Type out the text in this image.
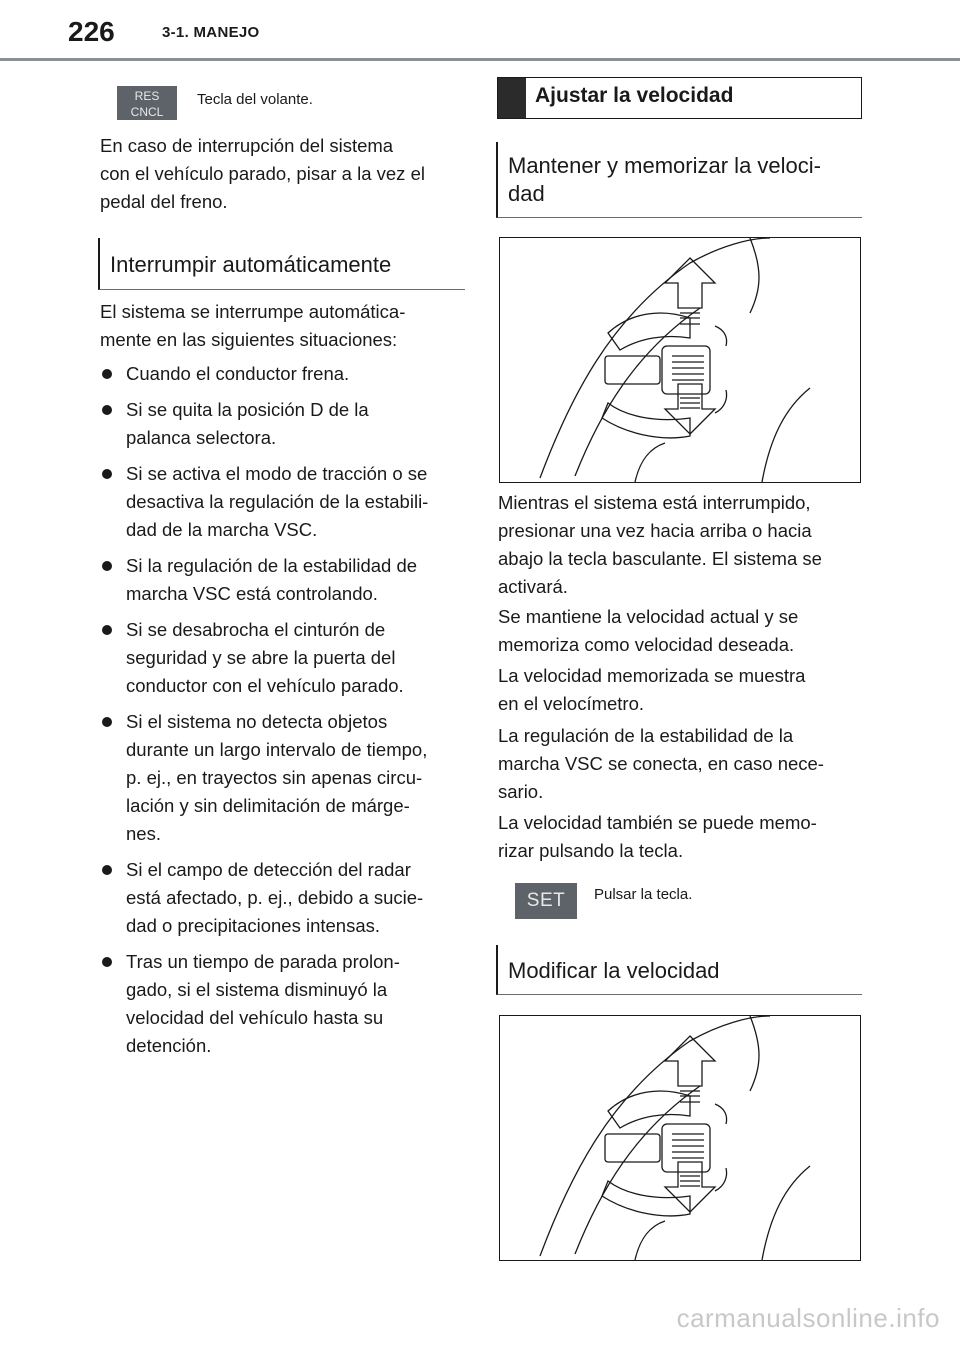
226	3-1. MANEJO
RES
CNCL
Tecla del volante.
En caso de interrupción del sistema
con el vehículo parado, pisar a la vez el
pedal del freno.
Interrumpir automáticamente
El sistema se interrumpe automática-
mente en las siguientes situaciones:
Cuando el conductor frena.
Si se quita la posición D de la
palanca selectora.
Si se activa el modo de tracción o se
desactiva la regulación de la estabili-
dad de la marcha VSC.
Si la regulación de la estabilidad de
marcha VSC está controlando.
Si se desabrocha el cinturón de
seguridad y se abre la puerta del
conductor con el vehículo parado.
Si el sistema no detecta objetos
durante un largo intervalo de tiempo,
p. ej., en trayectos sin apenas circu-
lación y sin delimitación de márge-
nes.
Si el campo de detección del radar
está afectado, p. ej., debido a sucie-
dad o precipitaciones intensas.
Tras un tiempo de parada prolon-
gado, si el sistema disminuyó la
velocidad del vehículo hasta su
detención.
Ajustar la velocidad
Mantener y memorizar la veloci-
dad
Mientras el sistema está interrumpido,
presionar una vez hacia arriba o hacia
abajo la tecla basculante. El sistema se
activará.
Se mantiene la velocidad actual y se
memoriza como velocidad deseada.
La velocidad memorizada se muestra
en el velocímetro.
La regulación de la estabilidad de la
marcha VSC se conecta, en caso nece-
sario.
La velocidad también se puede memo-
rizar pulsando la tecla.
SET	Pulsar la tecla.
Modificar la velocidad
carmanualsonline.info
